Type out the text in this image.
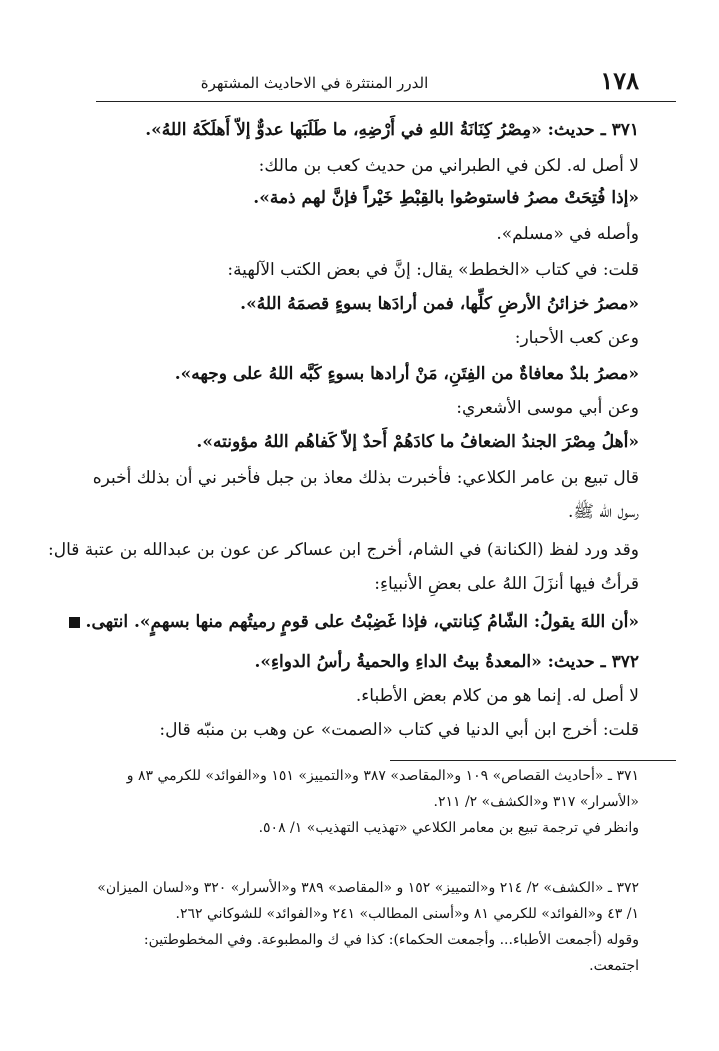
١٧٨
الدرر المنتثرة في الاحاديث المشتهرة
٣٧١ ـ حديث: «مِصْرُ كِنَانَةُ اللهِ في أَرْضِهِ، ما طَلَبَها عدوٌّ إلاّ أَهلَكَهُ اللهُ».
لا أصل له. لكن في الطبراني من حديث كعب بن مالك:
«إذا فُتِحَتْ مصرُ فاستوصُوا بالقِبْطِ خَيْراً فإنَّ لهم ذمة».
وأصله في «مسلم».
قلت: في كتاب «الخطط» يقال: إنَّ في بعض الكتب الآلهية:
«مصرُ خزائنُ الأرضِ كلِّها، فمن أرادَها بسوءٍ قصمَهُ اللهُ».
وعن كعب الأحبار:
«مصرُ بلدٌ معافاةٌ من الفِتَنِ، مَنْ أرادها بسوءٍ كَبَّه اللهُ على وجهه».
وعن أبي موسى الأشعري:
«أهلُ مِصْرَ الجندُ الضعافُ ما كادَهُمْ أَحدٌ إلاّ كَفاهُم اللهُ مؤونته».
قال تبيع بن عامر الكلاعي: فأخبرت بذلك معاذ بن جبل فأخبر ني أن بذلك أخبره
رسول الله ﷺ.
وقد ورد لفظ (الكنانة) في الشام، أخرج ابن عساكر عن عون بن عبدالله بن عتبة قال:
قرأتُ فيها أنزَلَ اللهُ على بعضِ الأنبياءِ:
«أن اللهَ يقولُ: الشّامُ كِنانتي، فإذا غَضِبْتُ على قومٍ رميتُهم منها بسهمٍ». انتهى.
٣٧٢ ـ حديث: «المعدةُ بيتُ الداءِ والحميةُ رأسُ الدواءِ».
لا أصل له. إنما هو من كلام بعض الأطباء.
قلت: أخرج ابن أبي الدنيا في كتاب «الصمت» عن وهب بن منبّه قال:
٣٧١ ـ «أحاديث القصاص» ١٠٩ و«المقاصد» ٣٨٧ و«التمييز» ١٥١ و«الفوائد» للكرمي ٨٣ و
«الأسرار» ٣١٧ و«الكشف» ٢/ ٢١١.
وانظر في ترجمة تبيع بن معامر الكلاعي «تهذيب التهذيب» ١/ ٥٠٨.
٣٧٢ ـ «الكشف» ٢/ ٢١٤ و«التمييز» ١٥٢ و «المقاصد» ٣٨٩ و«الأسرار» ٣٢٠ و«لسان الميزان»
١/ ٤٣ و«الفوائد» للكرمي ٨١ و«أسنى المطالب» ٢٤١ و«الفوائد» للشوكاني ٢٦٢.
وقوله (أجمعت الأطباء... وأجمعت الحكماء): كذا في ك والمطبوعة. وفي المخطوطتين:
اجتمعت.
